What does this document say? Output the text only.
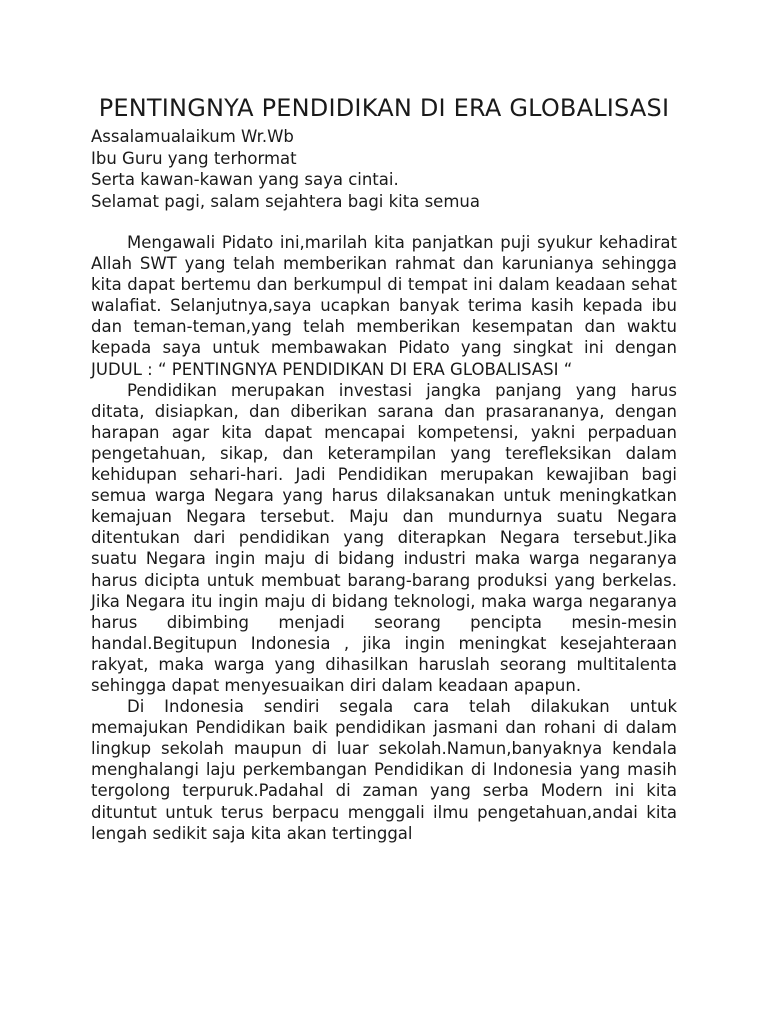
PENTINGNYA PENDIDIKAN DI ERA GLOBALISASI
Assalamualaikum Wr.Wb
Ibu Guru yang terhormat
Serta kawan-kawan yang saya cintai.
Selamat pagi, salam sejahtera bagi kita semua

Mengawali Pidato ini,marilah kita panjatkan puji syukur kehadirat Allah SWT yang telah memberikan rahmat dan karunianya sehingga kita dapat bertemu dan berkumpul di tempat ini dalam keadaan sehat walafiat. Selanjutnya,saya ucapkan banyak terima kasih kepada ibu dan teman-teman,yang telah memberikan kesempatan dan waktu kepada saya untuk membawakan Pidato yang singkat ini dengan JUDUL : “ PENTINGNYA PENDIDIKAN DI ERA GLOBALISASI “

Pendidikan merupakan investasi jangka panjang yang harus ditata, disiapkan, dan diberikan sarana dan prasarananya, dengan harapan agar kita dapat mencapai kompetensi, yakni perpaduan pengetahuan, sikap, dan keterampilan yang terefleksikan dalam kehidupan sehari-hari. Jadi Pendidikan merupakan kewajiban bagi semua warga Negara yang harus dilaksanakan untuk meningkatkan kemajuan Negara tersebut. Maju dan mundurnya suatu Negara ditentukan dari pendidikan yang diterapkan Negara tersebut.Jika suatu Negara ingin maju di bidang industri maka warga negaranya harus dicipta untuk membuat barang-barang produksi yang berkelas. Jika Negara itu ingin maju di bidang teknologi, maka warga negaranya harus dibimbing menjadi seorang pencipta mesin-mesin handal.Begitupun Indonesia , jika ingin meningkat kesejahteraan rakyat, maka warga yang dihasilkan haruslah seorang multitalenta sehingga dapat menyesuaikan diri dalam keadaan apapun.

Di Indonesia sendiri segala cara telah dilakukan untuk memajukan Pendidikan baik pendidikan jasmani dan rohani di dalam lingkup sekolah maupun di luar sekolah.Namun,banyaknya kendala menghalangi laju perkembangan Pendidikan di Indonesia yang masih tergolong terpuruk.Padahal di zaman yang serba Modern ini kita dituntut untuk terus berpacu menggali ilmu pengetahuan,andai kita lengah sedikit saja kita akan tertinggal
